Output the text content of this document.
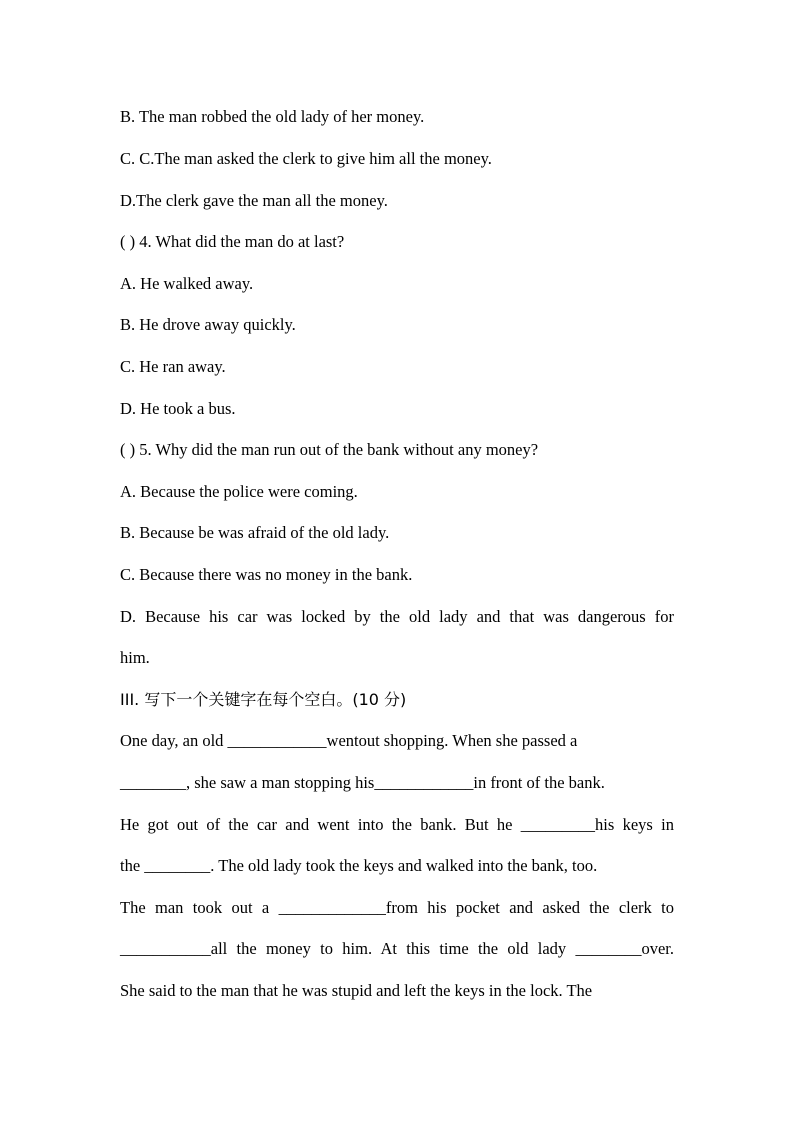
B. The man robbed the old lady of her money.
C. C.The man asked the clerk to give him all the money.
D.The clerk gave the man all the money.
( ) 4. What did the man do at last?
A. He walked away.
B. He drove away quickly.
C. He ran away.
D. He took a bus.
( ) 5. Why did the man run out of the bank without any money?
A. Because the police were coming.
B. Because be was afraid of the old lady.
C. Because there was no money in the bank.
D. Because his car was locked by the old lady and that was dangerous for
him.
III. 写下一个关键字在每个空白。(10 分)
One day, an old ____________wentout shopping. When she passed a
________, she saw a man stopping his____________in front of the bank.
He got out of the car and went into the bank. But he _________his keys in
the ________. The old lady took the keys and walked into the bank, too.
The man took out a _____________from his pocket and asked the clerk to
___________all the money to him. At this time the old lady ________over.
She said to the man that he was stupid and left the keys in the lock. The
